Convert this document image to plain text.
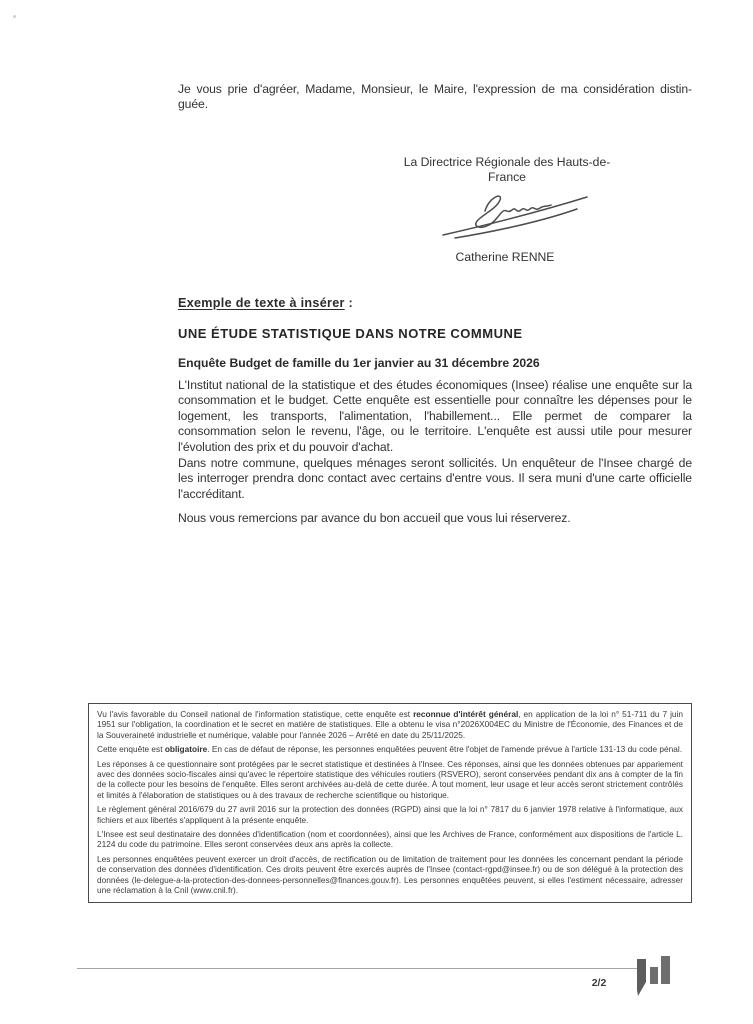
Je vous prie d'agréer, Madame, Monsieur, le Maire, l'expression de ma considération distin-
guée.
La Directrice Régionale des Hauts-de-
France
Catherine RENNE
Exemple de texte à insérer :
UNE ÉTUDE STATISTIQUE DANS NOTRE COMMUNE
Enquête Budget de famille du 1er janvier au 31 décembre 2026
L'Institut national de la statistique et des études économiques (Insee) réalise une enquête sur la consommation et le budget. Cette enquête est essentielle pour connaître les dépenses pour le logement, les transports, l'alimentation, l'habillement... Elle permet de comparer la consommation selon le revenu, l'âge, ou le territoire. L'enquête est aussi utile pour mesurer l'évolution des prix et du pouvoir d'achat.
Dans notre commune, quelques ménages seront sollicités. Un enquêteur de l'Insee chargé de les interroger prendra donc contact avec certains d'entre vous. Il sera muni d'une carte officielle l'accréditant.
Nous vous remercions par avance du bon accueil que vous lui réserverez.

Vu l'avis favorable du Conseil national de l'information statistique, cette enquête est reconnue d'intérêt général, en application de la loi n° 51-711 du 7 juin 1951 sur l'obligation, la coordination et le secret en matière de statistiques. Elle a obtenu le visa n°2026X004EC du Ministre de l'Économie, des Finances et de la Souveraineté industrielle et numérique, valable pour l'année 2026 – Arrêté en date du 25/11/2025.

Cette enquête est obligatoire. En cas de défaut de réponse, les personnes enquêtées peuvent être l'objet de l'amende prévue à l'article 131-13 du code pénal.

Les réponses à ce questionnaire sont protégées par le secret statistique et destinées à l'Insee. Ces réponses, ainsi que les données obtenues par appariement avec des données socio-fiscales ainsi qu'avec le répertoire statistique des véhicules routiers (RSVERO), seront conservées pendant dix ans à compter de la fin de la collecte pour les besoins de l'enquête. Elles seront archivées au-delà de cette durée. À tout moment, leur usage et leur accès seront strictement contrôlés et limités à l'élaboration de statistiques ou à des travaux de recherche scientifique ou historique.

Le règlement général 2016/679 du 27 avril 2016 sur la protection des données (RGPD) ainsi que la loi n° 7817 du 6 janvier 1978 relative à l'informatique, aux fichiers et aux libertés s'appliquent à la présente enquête.

L'Insee est seul destinataire des données d'identification (nom et coordonnées), ainsi que les Archives de France, conformément aux dispositions de l'article L. 2124 du code du patrimoine. Elles seront conservées deux ans après la collecte.

Les personnes enquêtées peuvent exercer un droit d'accès, de rectification ou de limitation de traitement pour les données les concernant pendant la période de conservation des données d'identification. Ces droits peuvent être exercés auprès de l'Insee (contact-rgpd@insee.fr) ou de son délégué à la protection des données (le-delegue-a-la-protection-des-donnees-personnelles@finances.gouv.fr). Les personnes enquêtées peuvent, si elles l'estiment nécessaire, adresser une réclamation à la Cnil (www.cnil.fr).

2/2
